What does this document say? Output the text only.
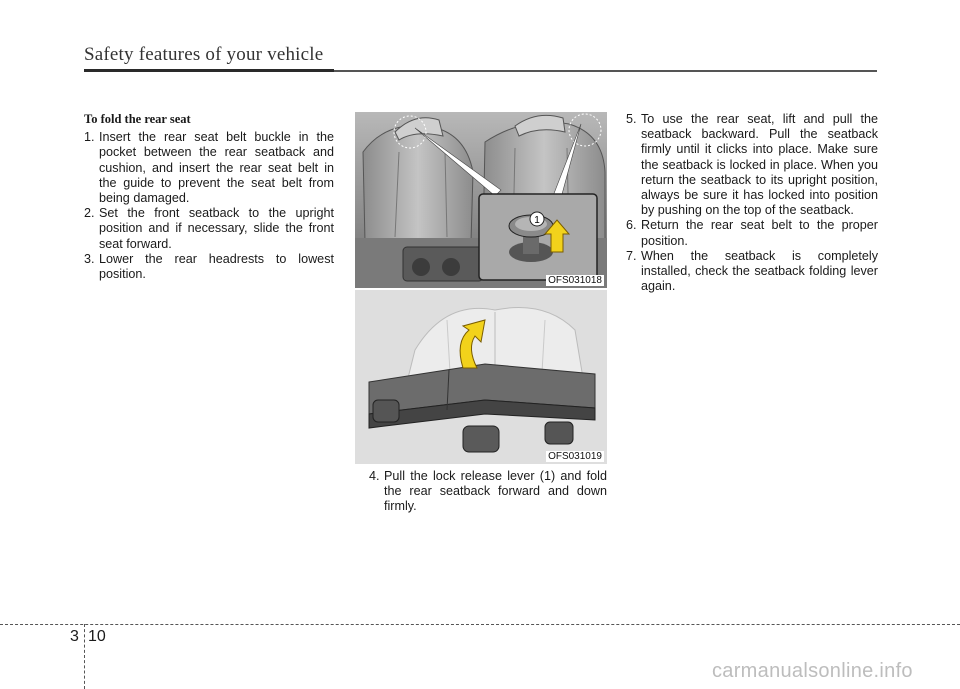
Safety features of your vehicle
To fold the rear seat
1. Insert the rear seat belt buckle in the pocket between the rear seatback and cushion, and insert the rear seat belt in the guide to prevent the seat belt from being damaged.
2. Set the front seatback to the upright position and if necessary, slide the front seat forward.
3. Lower the rear headrests to lowest position.
1
OFS031018
OFS031019
4. Pull the lock release lever (1) and fold the rear seatback forward and down firmly.
5. To use the rear seat, lift and pull the seatback backward. Pull the seatback firmly until it clicks into place. Make sure the seatback is locked in place. When you return the seatback to its upright position, always be sure it has locked into position by pushing on the top of the seatback.
6. Return the rear seat belt to the proper position.
7. When the seatback is completely installed, check the seatback folding lever again.
3 10
carmanualsonline.info
